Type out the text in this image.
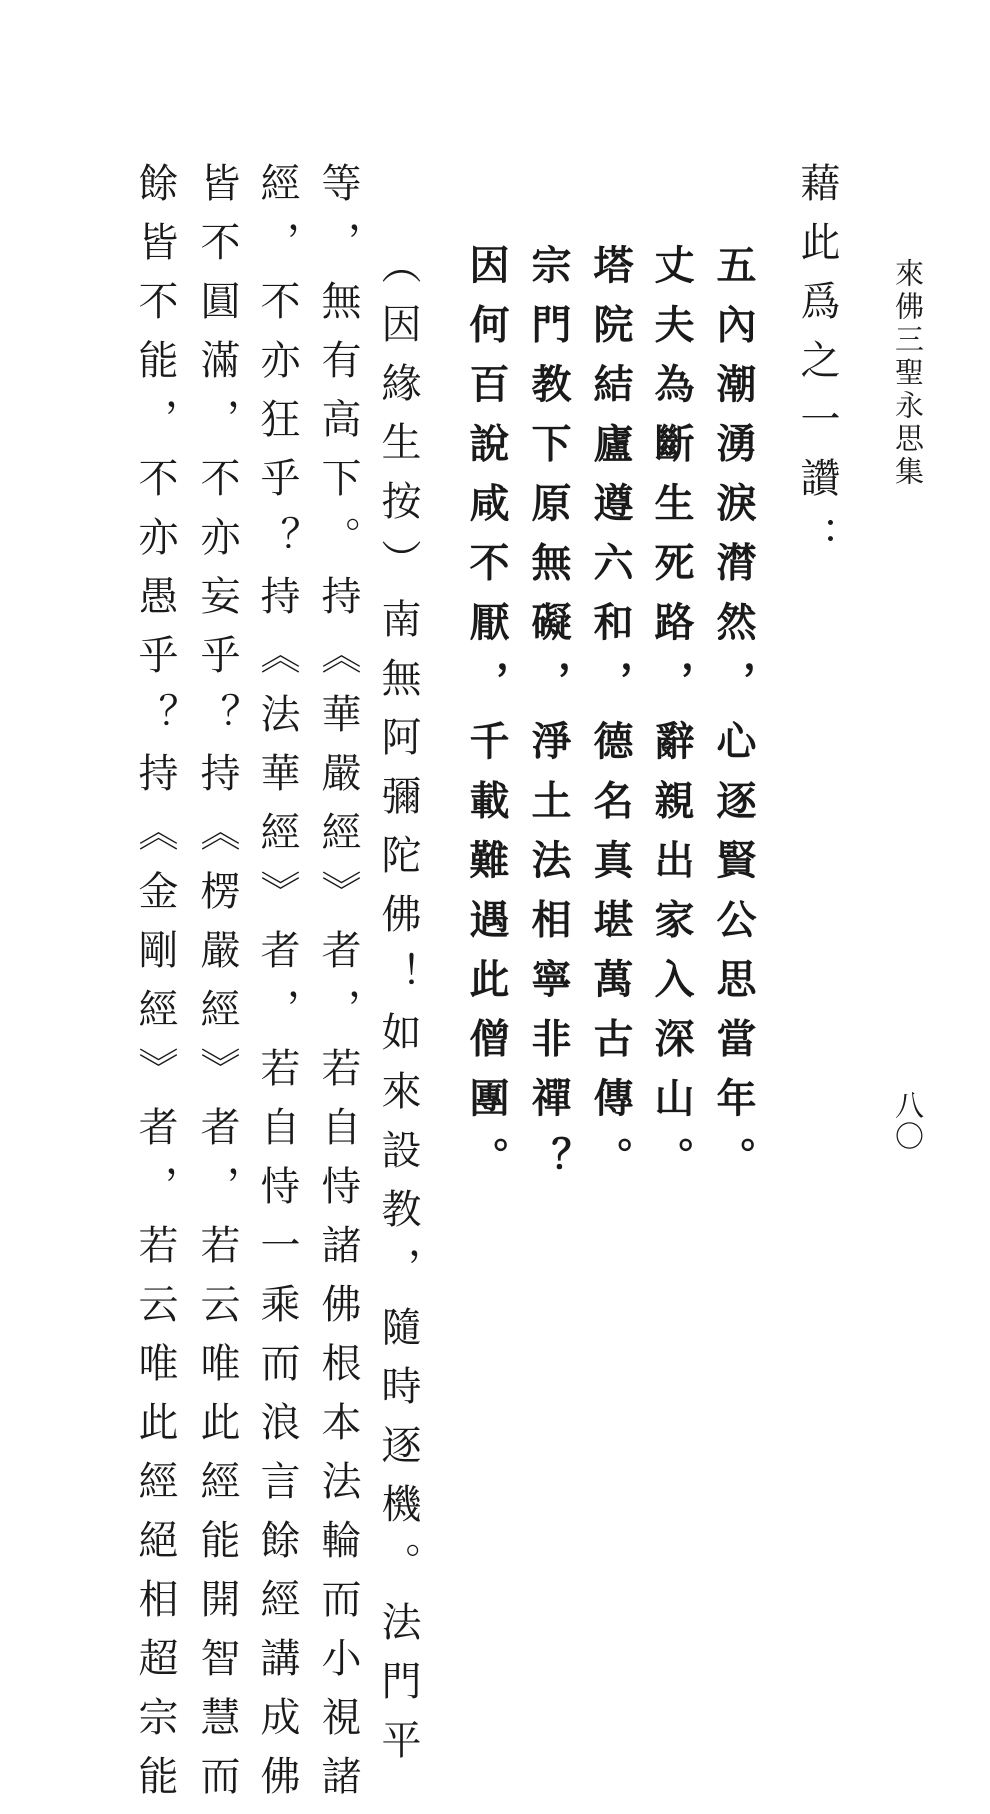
來佛三聖永思集
八〇
藉此爲之一讚：
五內潮湧淚潸然，心逐賢公思當年。
丈夫為斷生死路，辭親出家入深山。
塔院結廬遵六和，德名真堪萬古傳。
宗門教下原無礙，淨土法相寧非禪？
因何百說咸不厭，千載難遇此僧團。
（因緣生按）南無阿彌陀佛！如來設教，隨時逐機。法門平
等，無有高下。持《華嚴經》者，若自恃諸佛根本法輪而小視諸
經，不亦狂乎？持《法華經》者，若自恃一乘而浪言餘經講成佛
皆不圓滿，不亦妄乎？持《楞嚴經》者，若云唯此經能開智慧而
餘皆不能，不亦愚乎？持《金剛經》者，若云唯此經絕相超宗能
